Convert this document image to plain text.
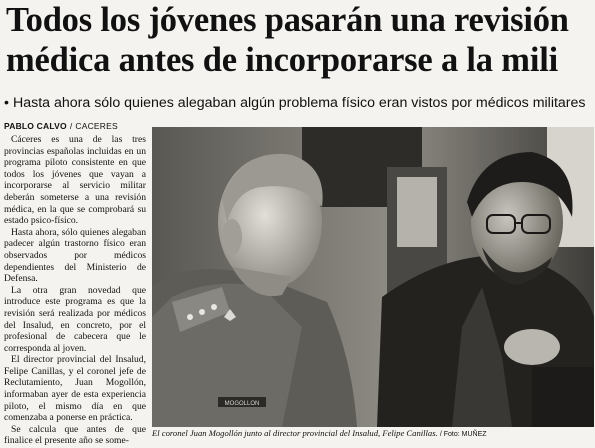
Todos los jóvenes pasarán una revisión médica antes de incorporarse a la mili
• Hasta ahora sólo quienes alegaban algún problema físico eran vistos por médicos militares
PABLO CALVO / CACERES

Cáceres es una de las tres provincias españolas incluidas en un programa piloto consistente en que todos los jóvenes que vayan a incorporarse al servicio militar deberán someterse a una revisión médica, en la que se comprobará su estado psico-físico.

Hasta ahora, sólo quienes alegaban padecer algún trastorno físico eran observados por médicos dependientes del Ministerio de Defensa.

La otra gran novedad que introduce este programa es que la revisión será realizada por médicos del Insalud, en concreto, por el profesional de cabecera que le corresponda al joven.

El director provincial del Insalud, Felipe Canillas, y el coronel jefe de Reclutamiento, Juan Mogollón, informaban ayer de esta experiencia piloto, el mismo día en que comenzaba a ponerse en práctica.

Se calcula que antes de que finalice el presente año se some-

MOGOLLON
El coronel Juan Mogollón junto al director provincial del Insalud, Felipe Canillas. / Foto: MUÑEZ
